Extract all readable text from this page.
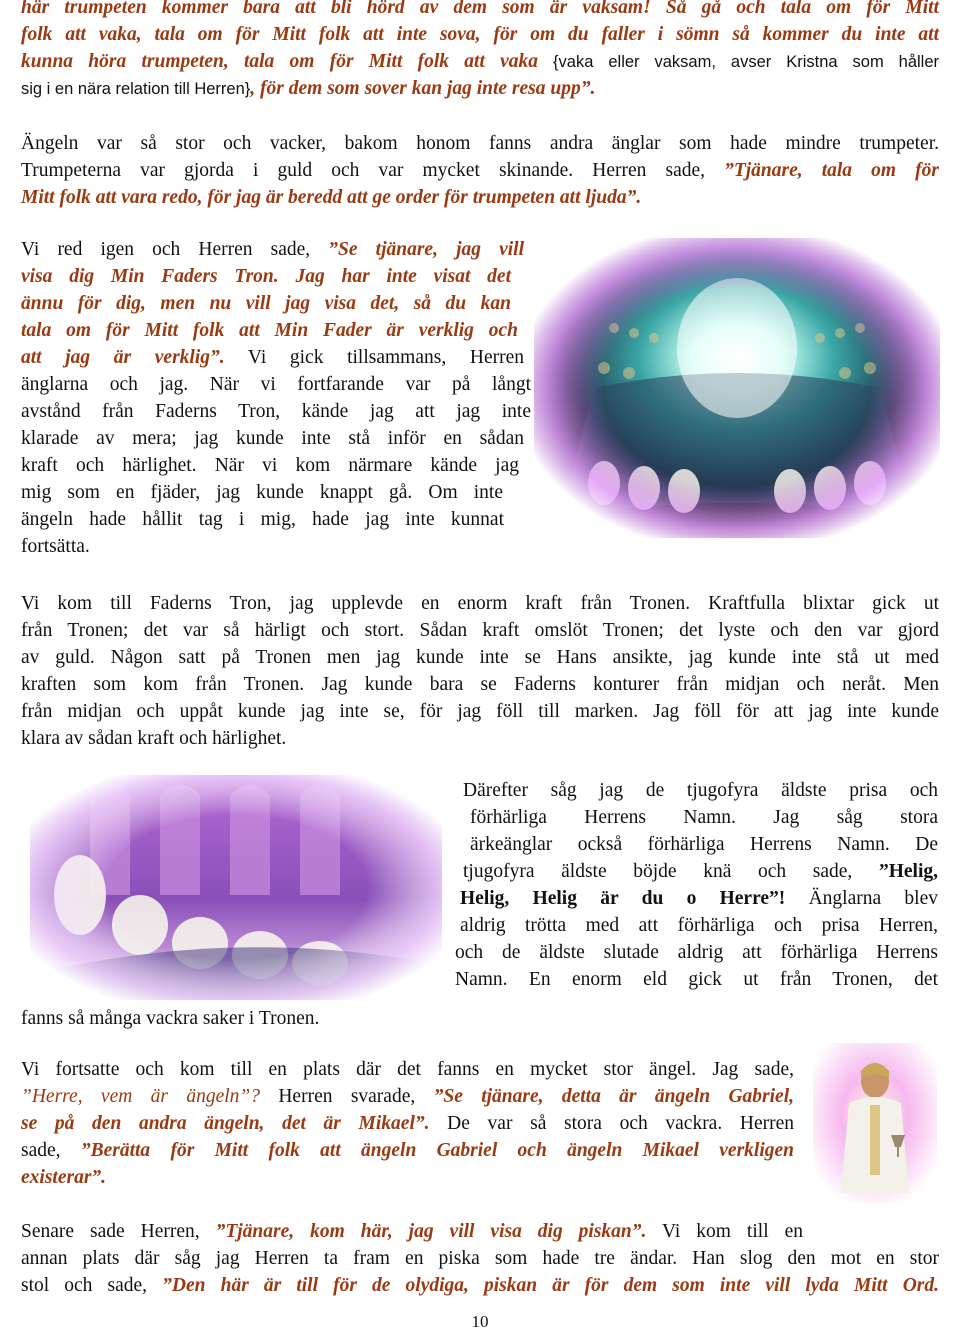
här trumpeten kommer bara att bli hörd av dem som är vaksam! Så gå och tala om för Mitt
folk att vaka, tala om för Mitt folk att inte sova, för om du faller i sömn så kommer du inte att
kunna höra trumpeten, tala om för Mitt folk att vaka {vaka eller vaksam, avser Kristna som håller
sig i en nära relation till Herren}, för dem som sover kan jag inte resa upp”.
Ängeln var så stor och vacker, bakom honom fanns andra änglar som hade mindre trumpeter.
Trumpeterna var gjorda i guld och var mycket skinande. Herren sade, ”Tjänare, tala om för
Mitt folk att vara redo, för jag är beredd att ge order för trumpeten att ljuda”.
Vi red igen och Herren sade, ”Se tjänare, jag vill
visa dig Min Faders Tron. Jag har inte visat det
ännu för dig, men nu vill jag visa det, så du kan
tala om för Mitt folk att Min Fader är verklig och
att jag är verklig”. Vi gick tillsammans, Herren
änglarna och jag. När vi fortfarande var på långt
avstånd från Faderns Tron, kände jag att jag inte
klarade av mera; jag kunde inte stå inför en sådan
kraft och härlighet. När vi kom närmare kände jag
mig som en fjäder, jag kunde knappt gå. Om inte
ängeln hade hållit tag i mig, hade jag inte kunnat
fortsätta.
Vi kom till Faderns Tron, jag upplevde en enorm kraft från Tronen. Kraftfulla blixtar gick ut
från Tronen; det var så härligt och stort. Sådan kraft omslöt Tronen; det lyste och den var gjord
av guld. Någon satt på Tronen men jag kunde inte se Hans ansikte, jag kunde inte stå ut med
kraften som kom från Tronen. Jag kunde bara se Faderns konturer från midjan och neråt. Men
från midjan och uppåt kunde jag inte se, för jag föll till marken. Jag föll för att jag inte kunde
klara av sådan kraft och härlighet.
Därefter såg jag de tjugofyra äldste prisa och
förhärliga Herrens Namn. Jag såg stora
ärkeänglar också förhärliga Herrens Namn. De
tjugofyra äldste böjde knä och sade, ”Helig,
Helig, Helig är du o Herre”! Änglarna blev
aldrig trötta med att förhärliga och prisa Herren,
och de äldste slutade aldrig att förhärliga Herrens
Namn. En enorm eld gick ut från Tronen, det
fanns så många vackra saker i Tronen.
Vi fortsatte och kom till en plats där det fanns en mycket stor ängel. Jag sade,
”Herre, vem är ängeln”? Herren svarade, ”Se tjänare, detta är ängeln Gabriel,
se på den andra ängeln, det är Mikael”. De var så stora och vackra. Herren
sade, ”Berätta för Mitt folk att ängeln Gabriel och ängeln Mikael verkligen
existerar”.
Senare sade Herren, ”Tjänare, kom här, jag vill visa dig piskan”. Vi kom till en
annan plats där såg jag Herren ta fram en piska som hade tre ändar. Han slog den mot en stor
stol och sade, ”Den här är till för de olydiga, piskan är för dem som inte vill lyda Mitt Ord.
10
